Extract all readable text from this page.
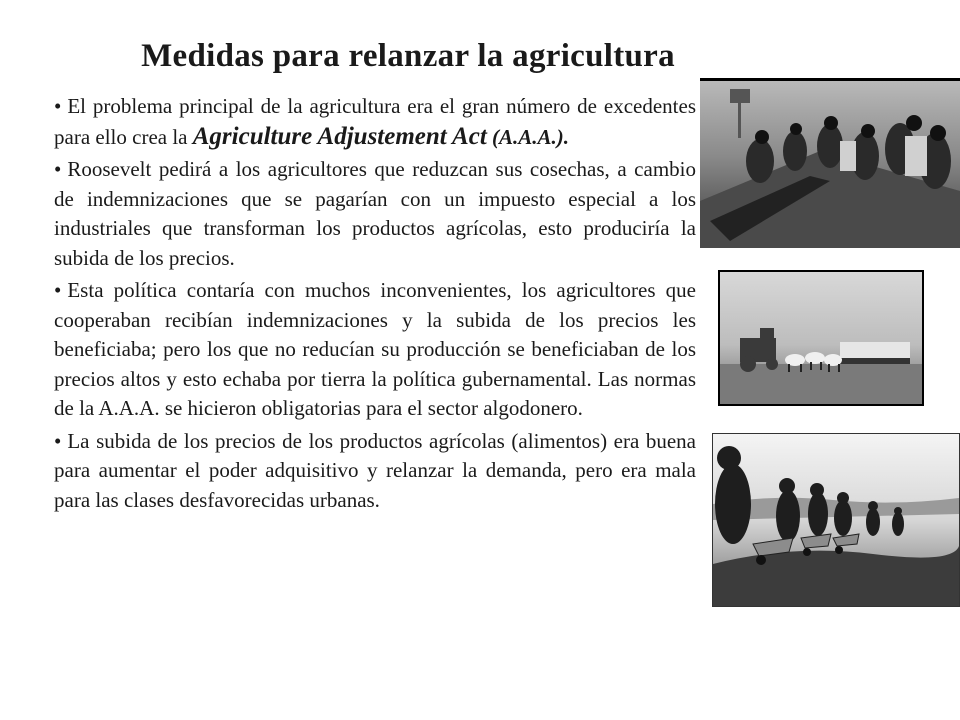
Medidas para relanzar la agricultura

• El problema principal de la agricultura era el gran número de excedentes para ello crea la Agriculture Adjustement Act (A.A.A.).

• Roosevelt pedirá a los agricultores que reduzcan sus cosechas, a cambio de indemnizaciones que se pagarían con un impuesto especial a los industriales que transforman los productos agrícolas, esto produciría la subida de los precios.

• Esta política contaría con muchos inconvenientes, los agricultores que cooperaban recibían indemnizaciones y la subida de los precios les beneficiaba; pero los que no reducían su producción se beneficiaban de los precios altos y esto echaba por tierra la política gubernamental. Las normas de la A.A.A. se hicieron obligatorias para el sector algodonero.

• La subida de los precios de los productos agrícolas (alimentos) era buena para aumentar el poder adquisitivo y relanzar la demanda, pero era mala para las clases desfavorecidas urbanas.
